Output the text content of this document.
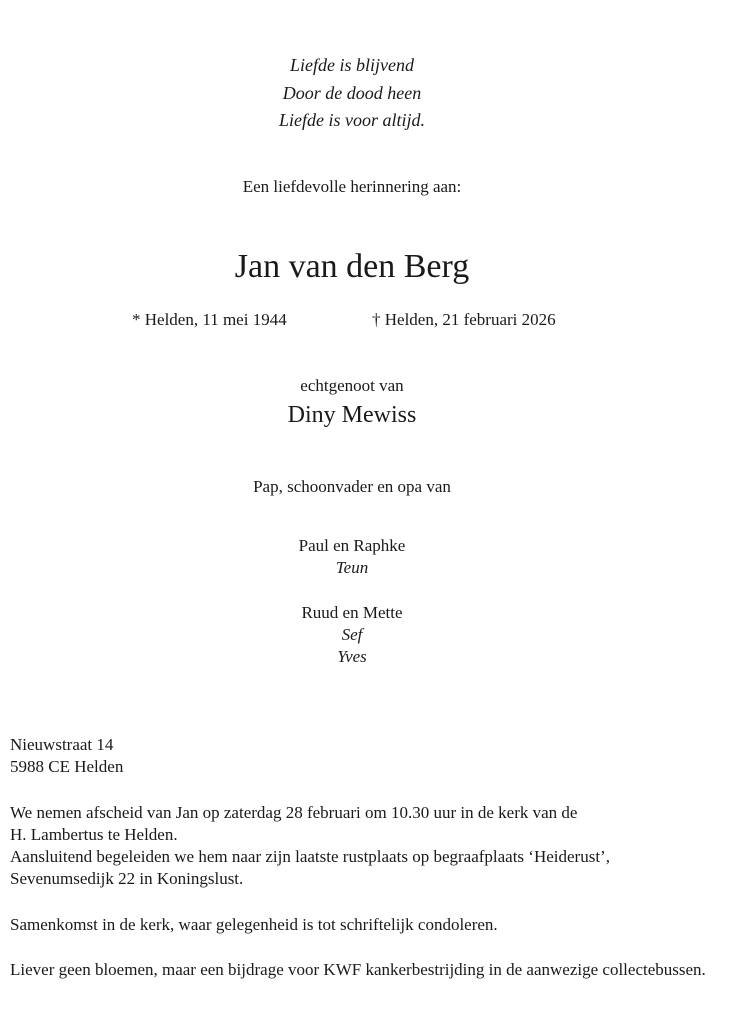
Liefde is blijvend
Door de dood heen
Liefde is voor altijd.
Een liefdevolle herinnering aan:
Jan van den Berg
* Helden, 11 mei 1944	† Helden, 21 februari 2026
echtgenoot van
Diny Mewiss
Pap, schoonvader en opa van
Paul en Raphke
Teun
Ruud en Mette
Sef
Yves
Nieuwstraat 14
5988 CE Helden
We nemen afscheid van Jan op zaterdag 28 februari om 10.30 uur in de kerk van de
H. Lambertus te Helden.
Aansluitend begeleiden we hem naar zijn laatste rustplaats op begraafplaats ‘Heiderust’,
Sevenumsedijk 22 in Koningslust.
Samenkomst in de kerk, waar gelegenheid is tot schriftelijk condoleren.
Liever geen bloemen, maar een bijdrage voor KWF kankerbestrijding in de aanwezige collectebussen.
